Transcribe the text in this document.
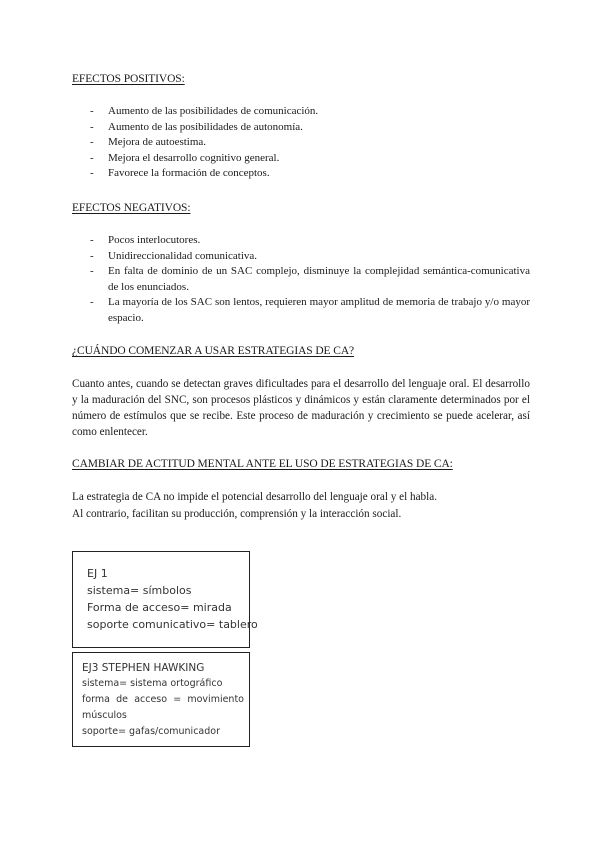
EFECTOS POSITIVOS:
- Aumento de las posibilidades de comunicación.
- Aumento de las posibilidades de autonomía.
- Mejora de autoestima.
- Mejora el desarrollo cognitivo general.
- Favorece la formación de conceptos.
EFECTOS NEGATIVOS:
- Pocos interlocutores.
- Unidireccionalidad comunicativa.
- En falta de dominio de un SAC complejo, disminuye la complejidad semántica-comunicativa de los enunciados.
- La mayoría de los SAC son lentos, requieren mayor amplitud de memoria de trabajo y/o mayor espacio.
¿CUÁNDO COMENZAR A USAR ESTRATEGIAS DE CA?

Cuanto antes, cuando se detectan graves dificultades para el desarrollo del lenguaje oral. El desarrollo y la maduración del SNC, son procesos plásticos y dinámicos y están claramente determinados por el número de estímulos que se recibe. Este proceso de maduración y crecimiento se puede acelerar, así como enlentecer.

CAMBIAR DE ACTITUD MENTAL ANTE EL USO DE ESTRATEGIAS DE CA:

La estrategia de CA no impide el potencial desarrollo del lenguaje oral y el habla.
Al contrario, facilitan su producción, comprensión y la interacción social.

EJ 1
sistema= símbolos
Forma de acceso= mirada
soporte comunicativo= tablero
EJ3 STEPHEN HAWKING
sistema= sistema ortográfico
forma de acceso = movimiento
músculos
soporte= gafas/comunicador
